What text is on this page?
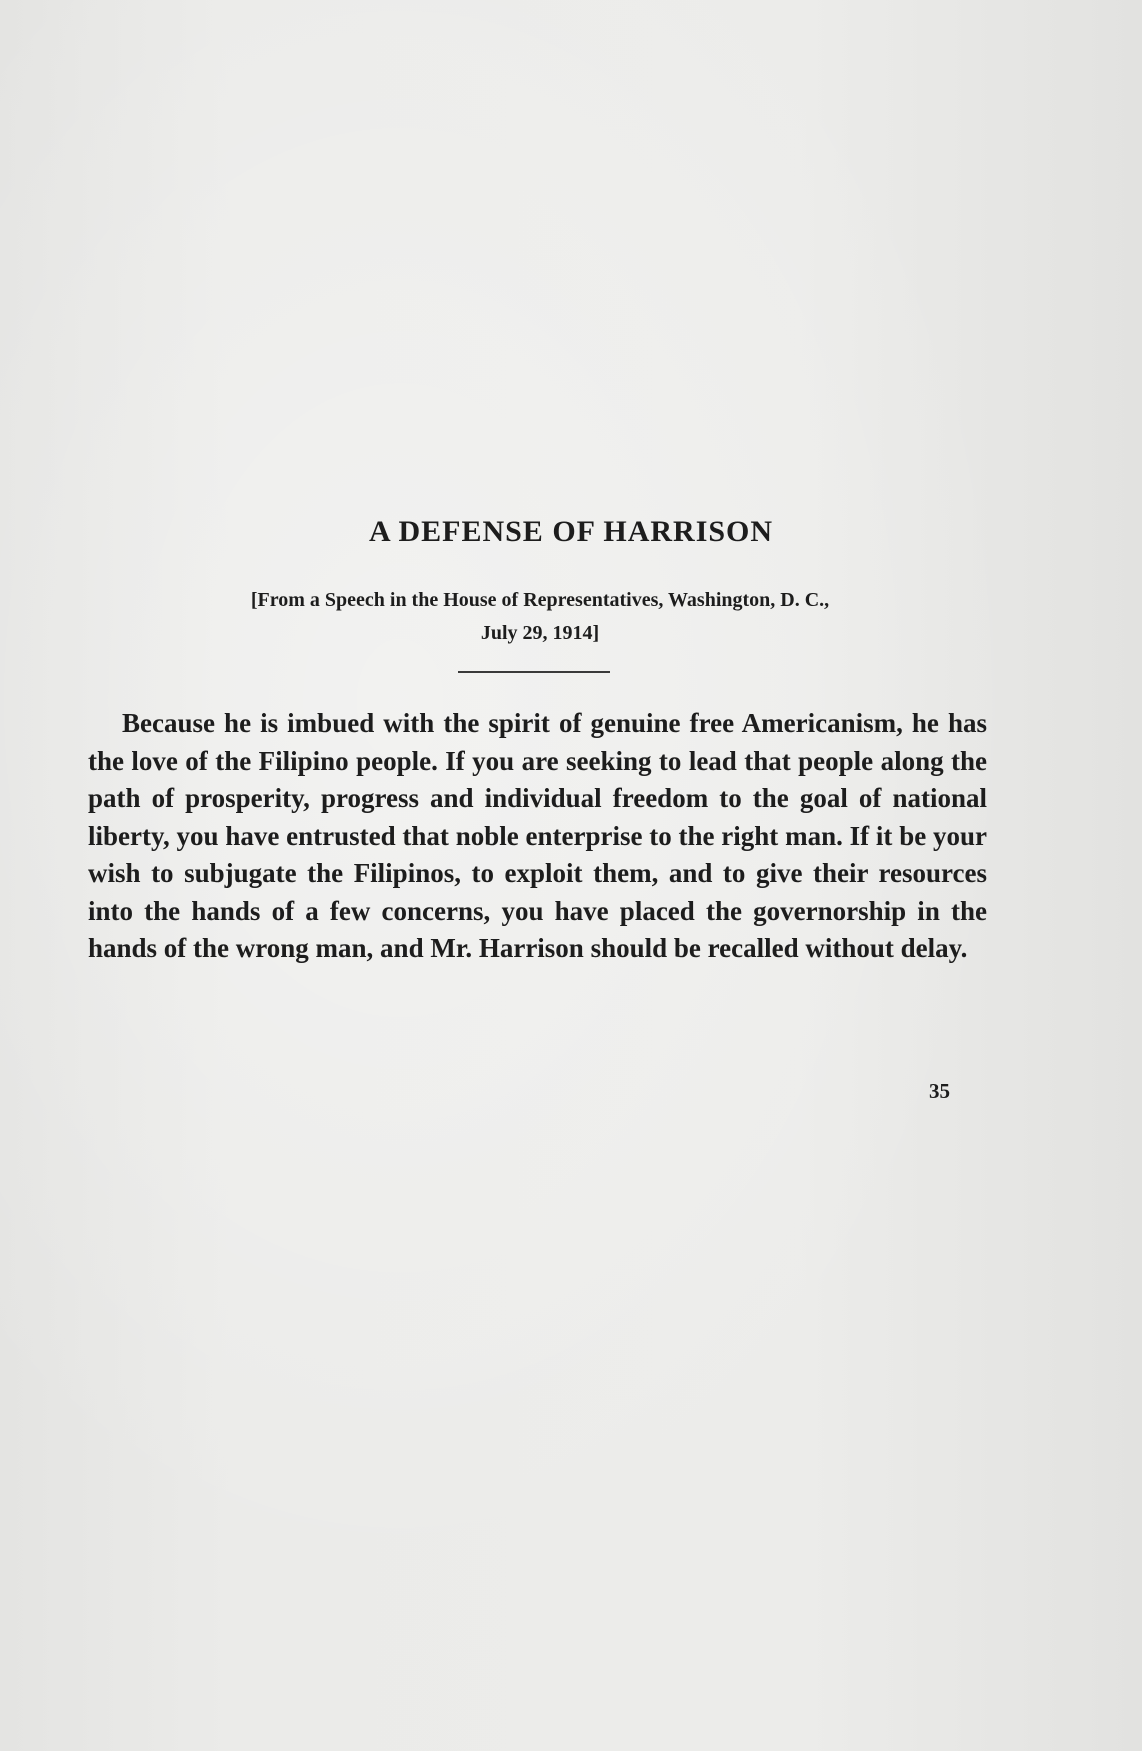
A DEFENSE OF HARRISON

[From a Speech in the House of Representatives, Washington, D. C.,
July 29, 1914]

Because he is imbued with the spirit of genuine free Americanism, he has the love of the Filipino people. If you are seeking to lead that people along the path of prosperity, progress and individual freedom to the goal of national liberty, you have entrusted that noble enterprise to the right man. If it be your wish to subjugate the Filipinos, to exploit them, and to give their resources into the hands of a few concerns, you have placed the governorship in the hands of the wrong man, and Mr. Harrison should be recalled without delay.

35
